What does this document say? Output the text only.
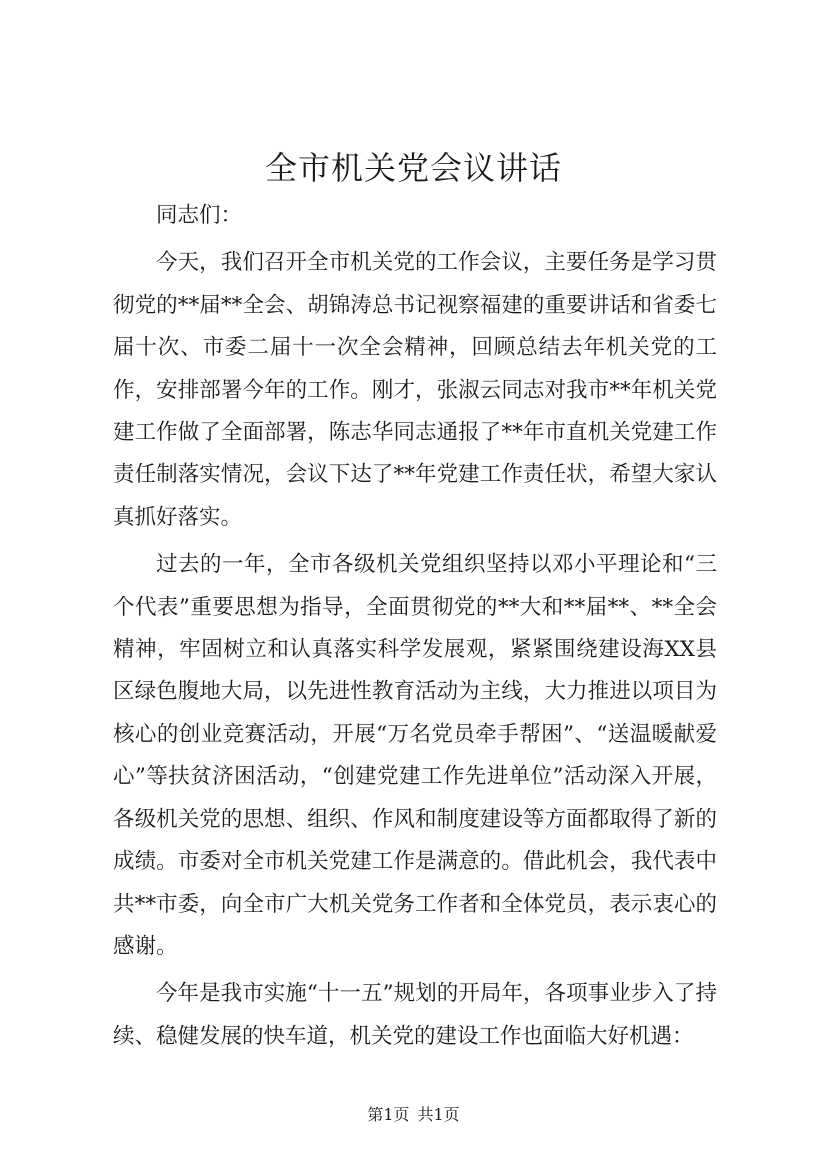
全市机关党会议讲话

同志们：

今天，我们召开全市机关党的工作会议，主要任务是学习贯彻党的**届**全会、胡锦涛总书记视察福建的重要讲话和省委七届十次、市委二届十一次全会精神，回顾总结去年机关党的工作，安排部署今年的工作。刚才，张淑云同志对我市**年机关党建工作做了全面部署，陈志华同志通报了**年市直机关党建工作责任制落实情况，会议下达了**年党建工作责任状，希望大家认真抓好落实。

过去的一年，全市各级机关党组织坚持以邓小平理论和“三个代表”重要思想为指导，全面贯彻党的**大和**届**、**全会精神，牢固树立和认真落实科学发展观，紧紧围绕建设海XX县区绿色腹地大局，以先进性教育活动为主线，大力推进以项目为核心的创业竞赛活动，开展“万名党员牵手帮困”、“送温暖献爱心”等扶贫济困活动，“创建党建工作先进单位”活动深入开展，各级机关党的思想、组织、作风和制度建设等方面都取得了新的成绩。市委对全市机关党建工作是满意的。借此机会，我代表中共**市委，向全市广大机关党务工作者和全体党员，表示衷心的感谢。

今年是我市实施“十一五”规划的开局年，各项事业步入了持续、稳健发展的快车道，机关党的建设工作也面临大好机遇：

第1页 共1页
